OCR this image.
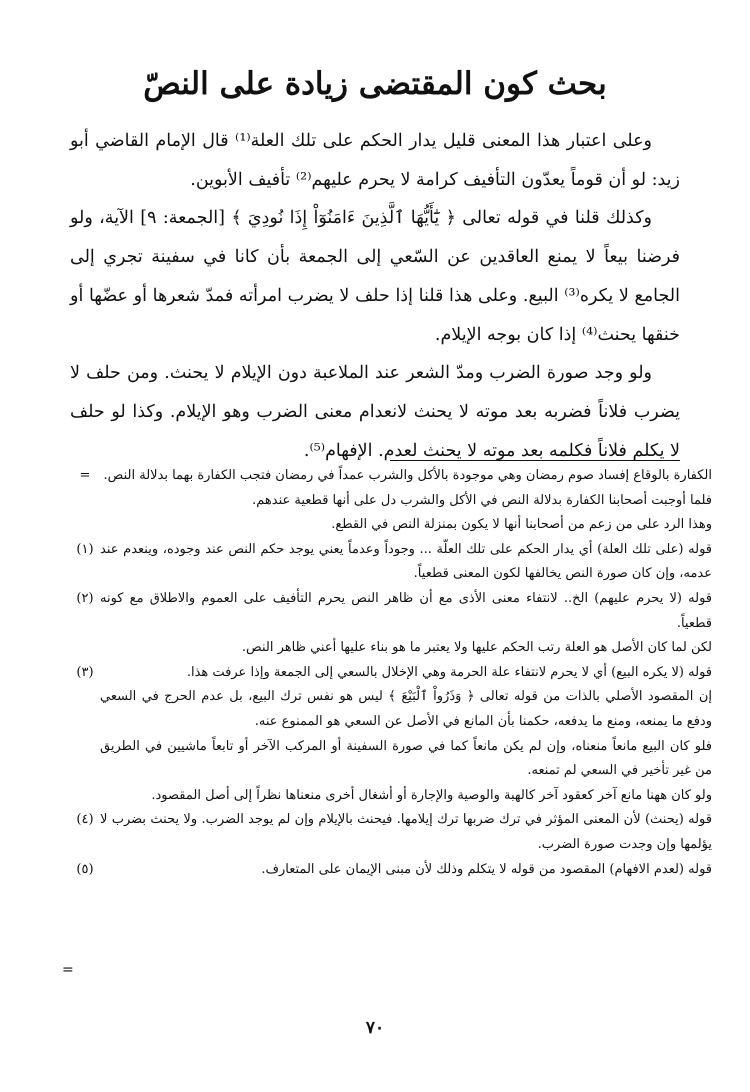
بحث كون المقتضى زيادة على النصّ

وعلى اعتبار هذا المعنى قليل يدار الحكم على تلك العلة⁽¹⁾ قال الإمام القاضي أبو زيد: لو أن قوماً يعدّون التأفيف كرامة لا يحرم عليهم⁽²⁾ تأفيف الأبوين.

وكذلك قلنا في قوله تعالى ﴿ يَٰٓأَيُّهَا ٱلَّذِينَ ءَامَنُوٓاْ إِذَا نُودِيَ ﴾ [الجمعة: ٩] الآية، ولو فرضنا بيعاً لا يمنع العاقدين عن السّعي إلى الجمعة بأن كانا في سفينة تجري إلى الجامع لا يكره⁽³⁾ البيع. وعلى هذا قلنا إذا حلف لا يضرب امرأته فمدّ شعرها أو عضّها أو خنقها يحنث⁽⁴⁾ إذا كان بوجه الإيلام.

ولو وجد صورة الضرب ومدّ الشعر عند الملاعبة دون الإيلام لا يحنث. ومن حلف لا يضرب فلاناً فضربه بعد موته لا يحنث لانعدام معنى الضرب وهو الإيلام. وكذا لو حلف لا يكلم فلاناً فكلمه بعد موته لا يحنث لعدم. الإفهام⁽⁵⁾.

الكفارة بالوقاع إفساد صوم رمضان وهي موجودة بالأكل والشرب عمداً في رمضان فتجب الكفارة بهما بدلالة النص.
=
فلما أوجبت أصحابنا الكفارة بدلالة النص في الأكل والشرب دل على أنها قطعية عندهم.
وهذا الرد على من زعم من أصحابنا أنها لا يكون بمنزلة النص في القطع.
قوله (على تلك العلة) أي يدار الحكم على تلك العلّة ... وجوداً وعدماً يعني يوجد حكم النص عند وجوده، وينعدم عند عدمه، وإن كان صورة النص يخالفها لكون المعنى قطعياً.
(١)
قوله (لا يحرم عليهم) الخ.. لانتفاء معنى الأذى مع أن ظاهر النص يحرم التأفيف على العموم والاطلاق مع كونه قطعياً.
(٢)
لكن لما كان الأصل هو العلة رتب الحكم عليها ولا يعتبر ما هو بناء عليها أعني ظاهر النص.
قوله (لا يكره البيع) أي لا يحرم لانتفاء علة الحرمة وهي الإخلال بالسعي إلى الجمعة وإذا عرفت هذا.
(٣)
إن المقصود الأصلي بالذات من قوله تعالى ﴿ وَذَرُواْ ٱلْبَيْعَ ﴾ ليس هو نفس ترك البيع، بل عدم الحرج في السعي ودفع ما يمنعه، ومنع ما يدفعه، حكمنا بأن المانع في الأصل عن السعي هو الممنوع عنه.
فلو كان البيع مانعاً منعناه، وإن لم يكن مانعاً كما في صورة السفينة أو المركب الآخر أو تابعاً ماشيين في الطريق من غير تأخير في السعي لم تمنعه.
ولو كان ههنا مانع آخر كعقود آخر كالهبة والوصية والإجارة أو أشغال أخرى منعناها نظراً إلى أصل المقصود.
قوله (يحنث) لأن المعنى المؤثر في ترك ضربها ترك إيلامها. فيحنث بالإيلام وإن لم يوجد الضرب. ولا يحنث بضرب لا يؤلمها وإن وجدت صورة الضرب.
(٤)
قوله (لعدم الافهام) المقصود من قوله لا يتكلم وذلك لأن مبنى الإيمان على المتعارف.
(٥)
=
٧٠
